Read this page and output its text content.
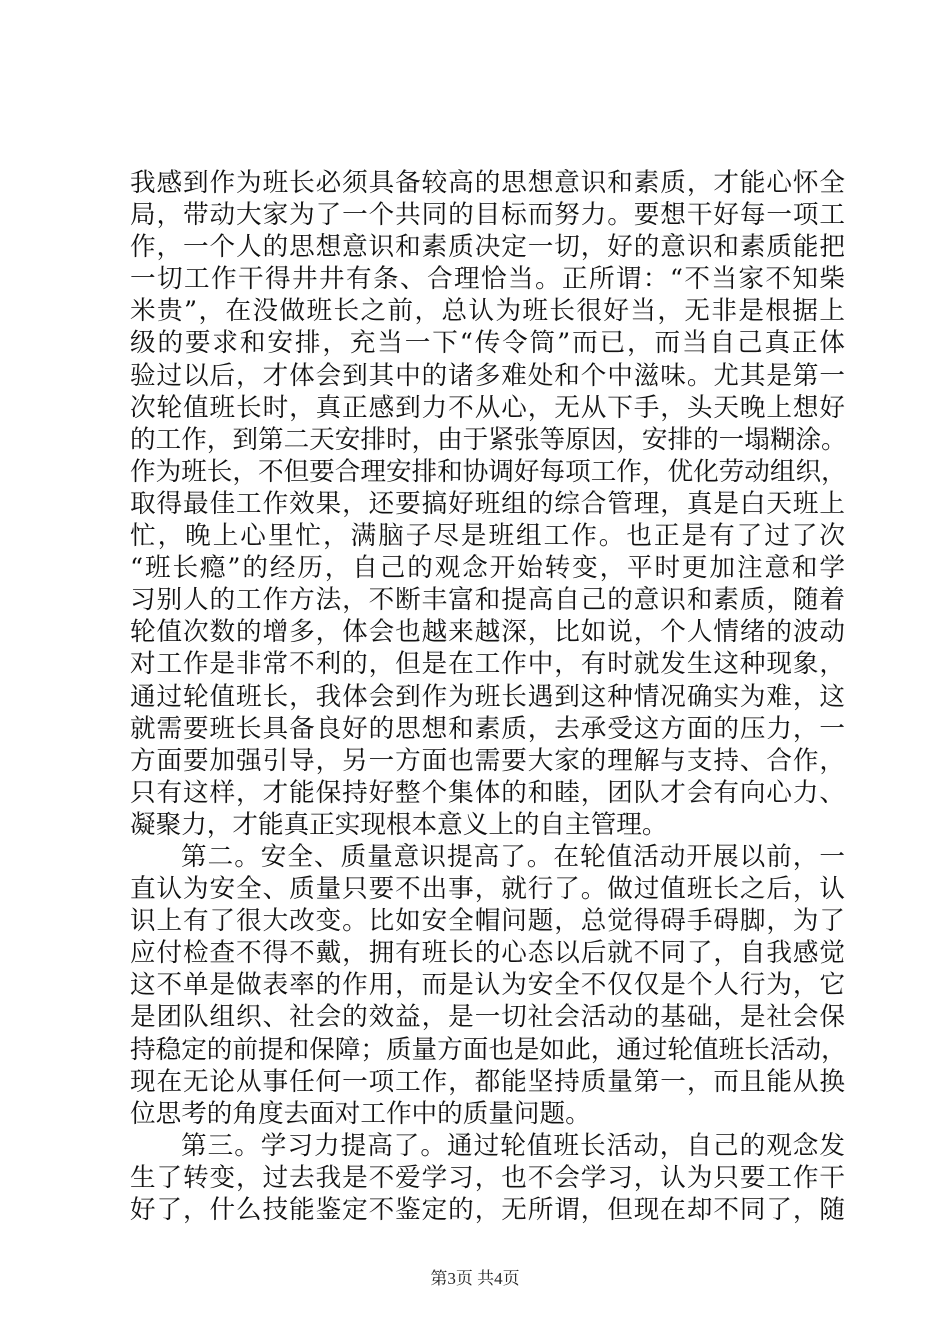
我感到作为班长必须具备较高的思想意识和素质，才能心怀全
局，带动大家为了一个共同的目标而努力。要想干好每一项工
作，一个人的思想意识和素质决定一切，好的意识和素质能把
一切工作干得井井有条、合理恰当。正所谓：“不当家不知柴
米贵”，在没做班长之前，总认为班长很好当，无非是根据上
级的要求和安排，充当一下“传令筒”而已，而当自己真正体
验过以后，才体会到其中的诸多难处和个中滋味。尤其是第一
次轮值班长时，真正感到力不从心，无从下手，头天晚上想好
的工作，到第二天安排时，由于紧张等原因，安排的一塌糊涂。
作为班长，不但要合理安排和协调好每项工作，优化劳动组织，
取得最佳工作效果，还要搞好班组的综合管理，真是白天班上
忙，晚上心里忙，满脑子尽是班组工作。也正是有了过了次
“班长瘾”的经历，自己的观念开始转变，平时更加注意和学
习别人的工作方法，不断丰富和提高自己的意识和素质，随着
轮值次数的增多，体会也越来越深，比如说，个人情绪的波动
对工作是非常不利的，但是在工作中，有时就发生这种现象，
通过轮值班长，我体会到作为班长遇到这种情况确实为难，这
就需要班长具备良好的思想和素质，去承受这方面的压力，一
方面要加强引导，另一方面也需要大家的理解与支持、合作，
只有这样，才能保持好整个集体的和睦，团队才会有向心力、
凝聚力，才能真正实现根本意义上的自主管理。
第二。安全、质量意识提高了。在轮值活动开展以前，一
直认为安全、质量只要不出事，就行了。做过值班长之后，认
识上有了很大改变。比如安全帽问题，总觉得碍手碍脚，为了
应付检查不得不戴，拥有班长的心态以后就不同了，自我感觉
这不单是做表率的作用，而是认为安全不仅仅是个人行为，它
是团队组织、社会的效益，是一切社会活动的基础，是社会保
持稳定的前提和保障；质量方面也是如此，通过轮值班长活动，
现在无论从事任何一项工作，都能坚持质量第一，而且能从换
位思考的角度去面对工作中的质量问题。
第三。学习力提高了。通过轮值班长活动，自己的观念发
生了转变，过去我是不爱学习，也不会学习，认为只要工作干
好了，什么技能鉴定不鉴定的，无所谓，但现在却不同了，随
第3页 共4页
